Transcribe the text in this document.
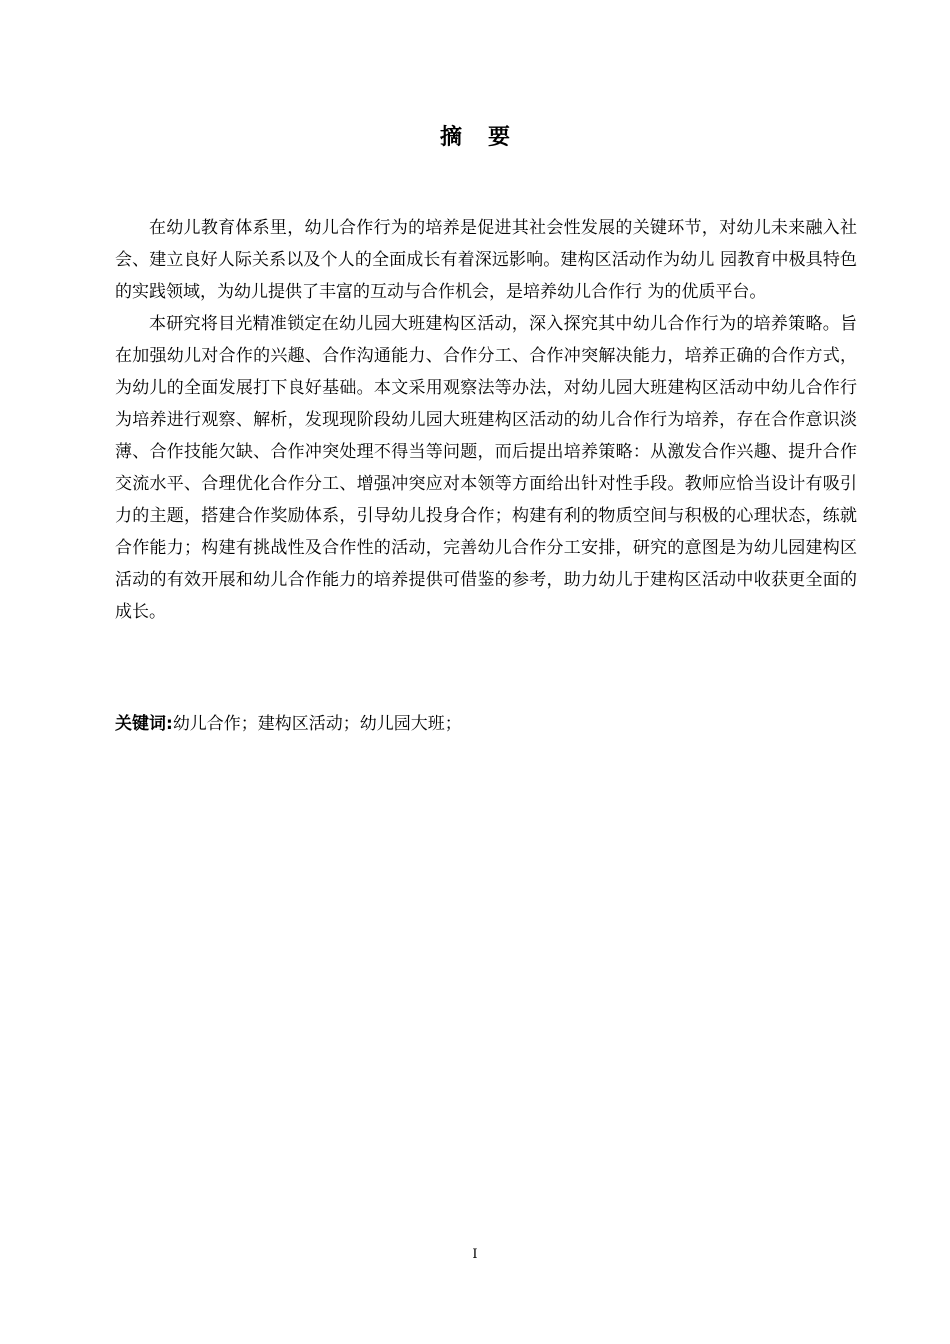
摘要

在幼儿教育体系里，幼儿合作行为的培养是促进其社会性发展的关键环节，对幼儿未来融入社会、建立良好人际关系以及个人的全面成长有着深远影响。建构区活动作为幼儿 园教育中极具特色的实践领域，为幼儿提供了丰富的互动与合作机会，是培养幼儿合作行 为的优质平台。

本研究将目光精准锁定在幼儿园大班建构区活动，深入探究其中幼儿合作行为的培养策略。旨在加强幼儿对合作的兴趣、合作沟通能力、合作分工、合作冲突解决能力，培养正确的合作方式，为幼儿的全面发展打下良好基础。本文采用观察法等办法，对幼儿园大班建构区活动中幼儿合作行为培养进行观察、解析，发现现阶段幼儿园大班建构区活动的幼儿合作行为培养，存在合作意识淡薄、合作技能欠缺、合作冲突处理不得当等问题，而后提出培养策略：从激发合作兴趣、提升合作交流水平、合理优化合作分工、增强冲突应对本领等方面给出针对性手段。教师应恰当设计有吸引力的主题，搭建合作奖励体系，引导幼儿投身合作；构建有利的物质空间与积极的心理状态，练就合作能力；构建有挑战性及合作性的活动，完善幼儿合作分工安排，研究的意图是为幼儿园建构区活动的有效开展和幼儿合作能力的培养提供可借鉴的参考，助力幼儿于建构区活动中收获更全面的成长。

关键词:幼儿合作；建构区活动；幼儿园大班；
I
